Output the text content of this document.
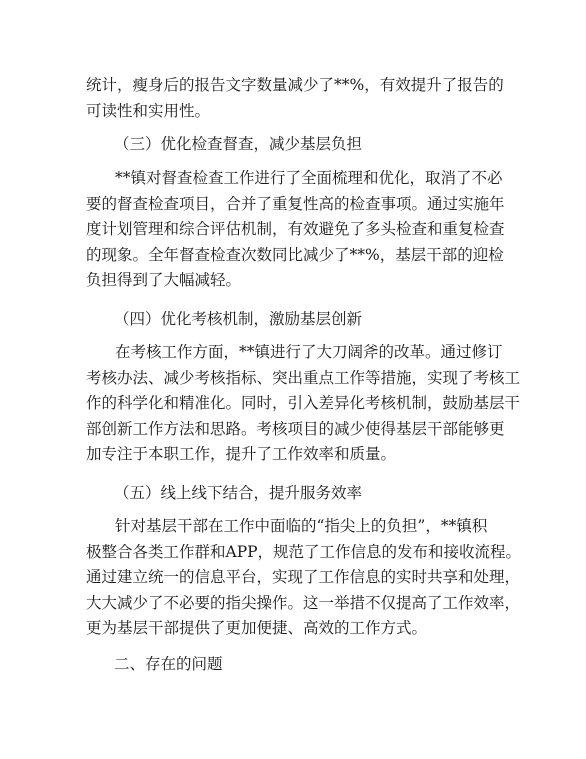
统计，瘦身后的报告文字数量减少了**%，有效提升了报告的
可读性和实用性。
（三）优化检查督查，减少基层负担
**镇对督查检查工作进行了全面梳理和优化，取消了不必
要的督查检查项目，合并了重复性高的检查事项。通过实施年
度计划管理和综合评估机制，有效避免了多头检查和重复检查
的现象。全年督查检查次数同比减少了**%，基层干部的迎检
负担得到了大幅减轻。
（四）优化考核机制，激励基层创新
在考核工作方面，**镇进行了大刀阔斧的改革。通过修订
考核办法、减少考核指标、突出重点工作等措施，实现了考核工
作的科学化和精准化。同时，引入差异化考核机制，鼓励基层干
部创新工作方法和思路。考核项目的减少使得基层干部能够更
加专注于本职工作，提升了工作效率和质量。
（五）线上线下结合，提升服务效率
针对基层干部在工作中面临的“指尖上的负担”，**镇积
极整合各类工作群和APP，规范了工作信息的发布和接收流程。
通过建立统一的信息平台，实现了工作信息的实时共享和处理，
大大减少了不必要的指尖操作。这一举措不仅提高了工作效率，
更为基层干部提供了更加便捷、高效的工作方式。
二、存在的问题
